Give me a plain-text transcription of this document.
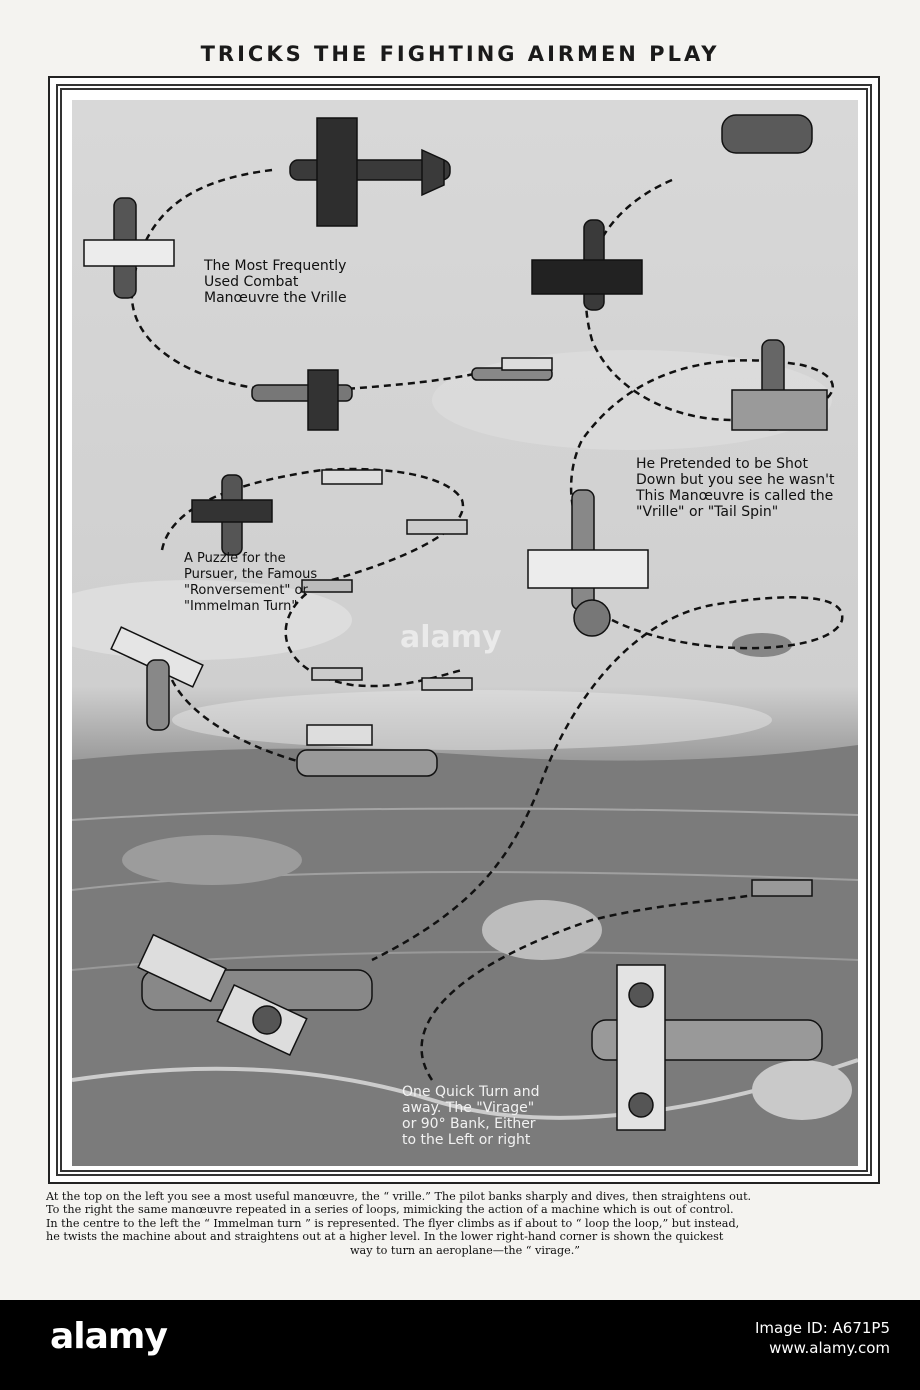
TRICKS THE FIGHTING AIRMEN PLAY
The Most Frequently
Used Combat
Manœuvre the Vrille
He Pretended to be Shot
Down but you see he wasn't
This Manœuvre is called the
"Vrille" or "Tail Spin"
A Puzzle for the
Pursuer, the Famous
"Ronversement" or
"Immelman Turn"
One Quick Turn and
away. The "Virage"
or 90° Bank, Either
to the Left or right
alamy
At the top on the left you see a most useful manœuvre, the “ vrille.” The pilot banks sharply and dives, then straightens out.
To the right the same manœuvre repeated in a series of loops, mimicking the action of a machine which is out of control.
In the centre to the left the “ Immelman turn ” is represented. The flyer climbs as if about to “ loop the loop,” but instead,
he twists the machine about and straightens out at a higher level. In the lower right-hand corner is shown the quickest
way to turn an aeroplane—the “ virage.”
alamy	Image ID: A671P5
www.alamy.com
